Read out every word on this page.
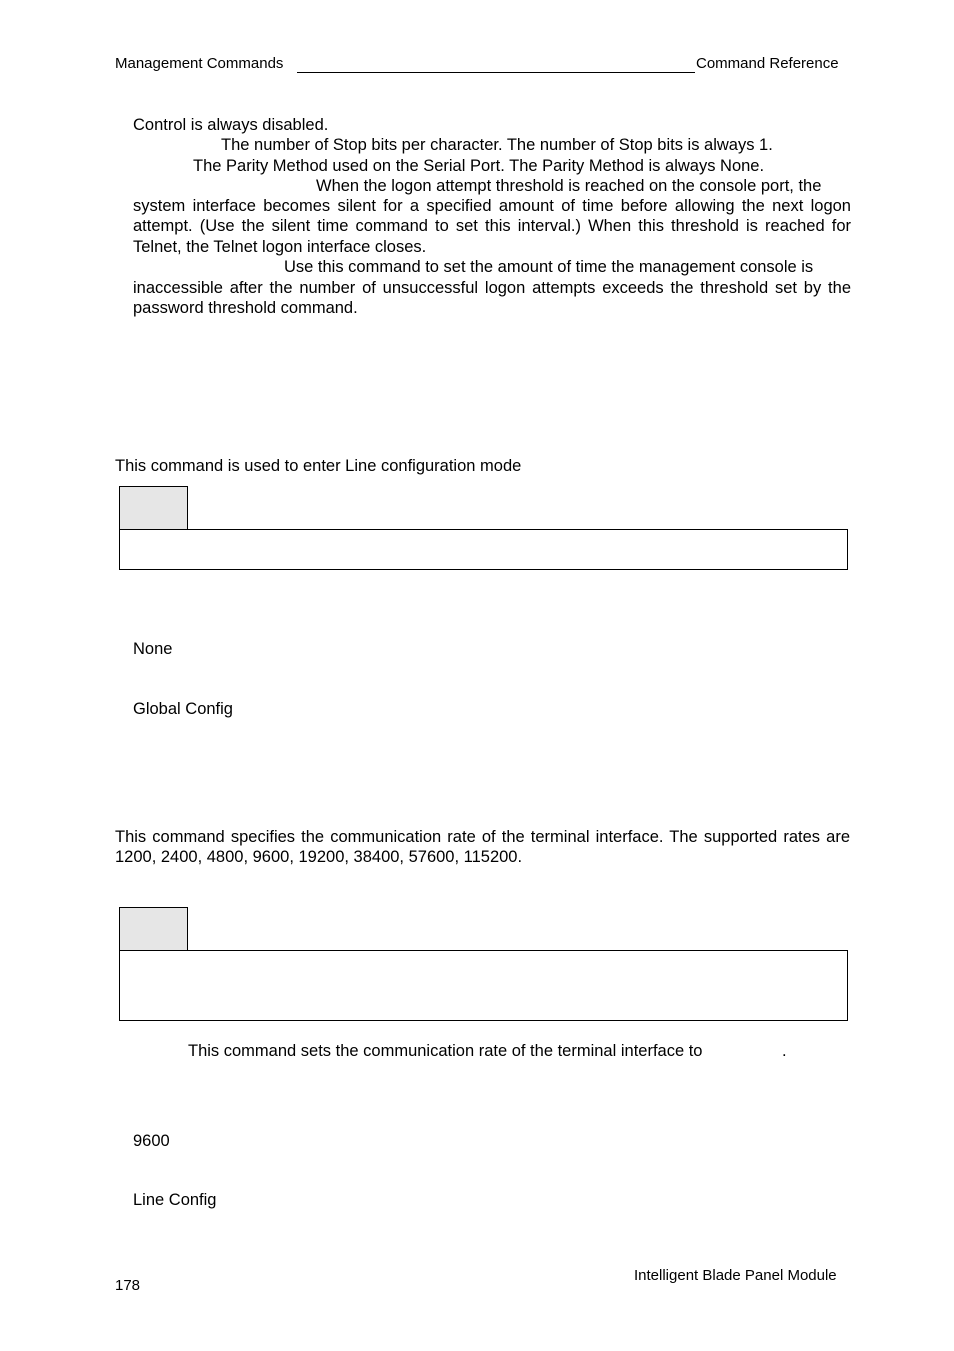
Management Commands	Command Reference
Control is always disabled.
The number of Stop bits per character. The number of Stop bits is always 1.
The Parity Method used on the Serial Port. The Parity Method is always None.
When the logon attempt threshold is reached on the console port, the
system interface becomes silent for a specified amount of time before allowing the next logon attempt. (Use the silent time command to set this interval.) When this threshold is reached for Telnet, the Telnet logon interface closes.
Use this command to set the amount of time the management console is
inaccessible after the number of unsuccessful logon attempts exceeds the threshold set by the password threshold command.
This command is used to enter Line configuration mode
None
Global Config
This command specifies the communication rate of the terminal interface. The supported rates are 1200, 2400, 4800, 9600, 19200, 38400, 57600, 115200.
This command sets the communication rate of the terminal interface to	.
9600
Line Config
178
Intelligent Blade Panel Module
